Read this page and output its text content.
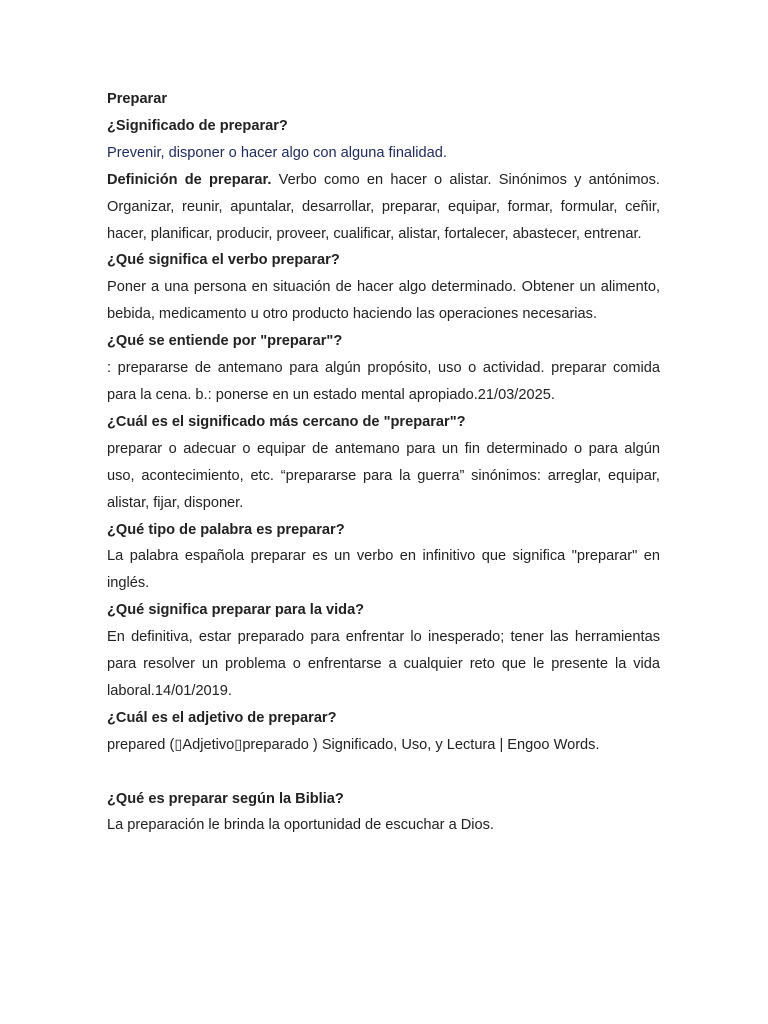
Preparar

¿Significado de preparar?

Prevenir, disponer o hacer algo con alguna finalidad.

Definición de preparar. Verbo como en hacer o alistar. Sinónimos y antónimos. Organizar, reunir, apuntalar, desarrollar, preparar, equipar, formar, formular, ceñir, hacer, planificar, producir, proveer, cualificar, alistar, fortalecer, abastecer, entrenar.

¿Qué significa el verbo preparar?

Poner a una persona en situación de hacer algo determinado. Obtener un alimento, bebida, medicamento u otro producto haciendo las operaciones necesarias.

¿Qué se entiende por "preparar"?

: prepararse de antemano para algún propósito, uso o actividad. preparar comida para la cena. b.: ponerse en un estado mental apropiado.21/03/2025.

¿Cuál es el significado más cercano de "preparar"?

preparar o adecuar o equipar de antemano para un fin determinado o para algún uso, acontecimiento, etc. “prepararse para la guerra” sinónimos: arreglar, equipar, alistar, fijar, disponer.

¿Qué tipo de palabra es preparar?

La palabra española preparar es un verbo en infinitivo que significa "preparar" en inglés.

¿Qué significa preparar para la vida?

En definitiva, estar preparado para enfrentar lo inesperado; tener las herramientas para resolver un problema o enfrentarse a cualquier reto que le presente la vida laboral.14/01/2019.

¿Cuál es el adjetivo de preparar?

prepared (▯Adjetivo▯preparado ) Significado, Uso, y Lectura | Engoo Words.

¿Qué es preparar según la Biblia?

La preparación le brinda la oportunidad de escuchar a Dios.
